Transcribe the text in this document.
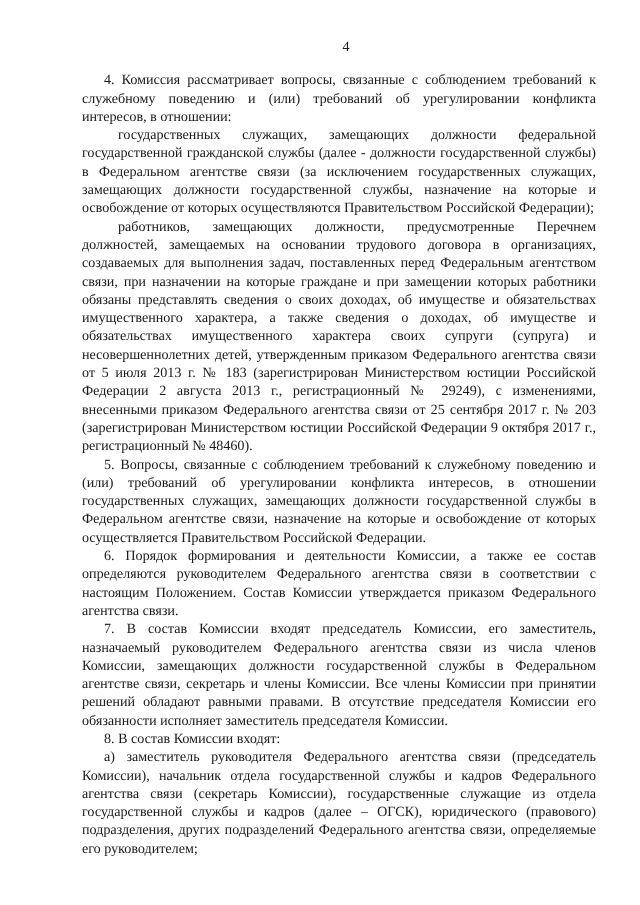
4

4. Комиссия рассматривает вопросы, связанные с соблюдением требований к служебному поведению и (или) требований об урегулировании конфликта интересов, в отношении:

государственных служащих, замещающих должности федеральной государственной гражданской службы (далее - должности государственной службы) в Федеральном агентстве связи (за исключением государственных служащих, замещающих должности государственной службы, назначение на которые и освобождение от которых осуществляются Правительством Российской Федерации);

работников, замещающих должности, предусмотренные Перечнем должностей, замещаемых на основании трудового договора в организациях, создаваемых для выполнения задач, поставленных перед Федеральным агентством связи, при назначении на которые граждане и при замещении которых работники обязаны представлять сведения о своих доходах, об имуществе и обязательствах имущественного характера, а также сведения о доходах, об имуществе и обязательствах имущественного характера своих супруги (супруга) и несовершеннолетних детей, утвержденным приказом Федерального агентства связи от 5 июля 2013 г. № 183 (зарегистрирован Министерством юстиции Российской Федерации 2 августа 2013 г., регистрационный № 29249), с изменениями, внесенными приказом Федерального агентства связи от 25 сентября 2017 г. № 203 (зарегистрирован Министерством юстиции Российской Федерации 9 октября 2017 г., регистрационный № 48460).

5. Вопросы, связанные с соблюдением требований к служебному поведению и (или) требований об урегулировании конфликта интересов, в отношении государственных служащих, замещающих должности государственной службы в Федеральном агентстве связи, назначение на которые и освобождение от которых осуществляется Правительством Российской Федерации.

6. Порядок формирования и деятельности Комиссии, а также ее состав определяются руководителем Федерального агентства связи в соответствии с настоящим Положением. Состав Комиссии утверждается приказом Федерального агентства связи.

7. В состав Комиссии входят председатель Комиссии, его заместитель, назначаемый руководителем Федерального агентства связи из числа членов Комиссии, замещающих должности государственной службы в Федеральном агентстве связи, секретарь и члены Комиссии. Все члены Комиссии при принятии решений обладают равными правами. В отсутствие председателя Комиссии его обязанности исполняет заместитель председателя Комиссии.

8. В состав Комиссии входят:

а) заместитель руководителя Федерального агентства связи (председатель Комиссии), начальник отдела государственной службы и кадров Федерального агентства связи (секретарь Комиссии), государственные служащие из отдела государственной службы и кадров (далее – ОГСК), юридического (правового) подразделения, других подразделений Федерального агентства связи, определяемые его руководителем;
